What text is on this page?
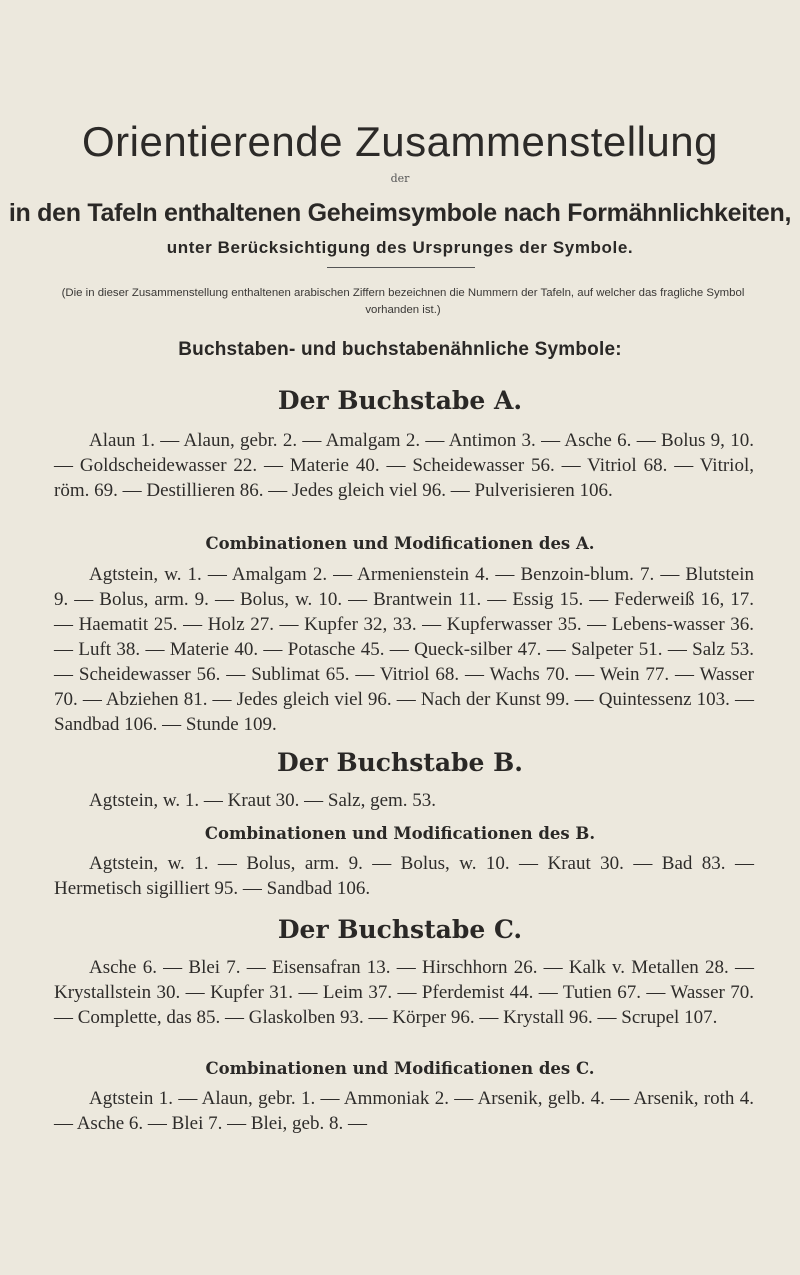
Orientierende Zusammenstellung
der
in den Tafeln enthaltenen Geheimsymbole nach Formähnlichkeiten,
unter Berücksichtigung des Ursprunges der Symbole.
(Die in dieser Zusammenstellung enthaltenen arabischen Ziffern bezeichnen die Nummern der Tafeln, auf welcher das fragliche Symbol vorhanden ist.)
Buchstaben- und buchstabenähnliche Symbole:
Der Buchstabe A.
Alaun 1. — Alaun, gebr. 2. — Amalgam 2. — Antimon 3. — Asche 6. — Bolus 9, 10. — Goldscheidewasser 22. — Materie 40. — Scheidewasser 56. — Vitriol 68. — Vitriol, röm. 69. — Destillieren 86. — Jedes gleich viel 96. — Pulverisieren 106.
Combinationen und Modificationen des A.
Agtstein, w. 1. — Amalgam 2. — Armenienstein 4. — Benzoin-blum. 7. — Blutstein 9. — Bolus, arm. 9. — Bolus, w. 10. — Brantwein 11. — Essig 15. — Federweiß 16, 17. — Haematit 25. — Holz 27. — Kupfer 32, 33. — Kupferwasser 35. — Lebens-wasser 36. — Luft 38. — Materie 40. — Potasche 45. — Queck-silber 47. — Salpeter 51. — Salz 53. — Scheidewasser 56. — Sublimat 65. — Vitriol 68. — Wachs 70. — Wein 77. — Wasser 70. — Abziehen 81. — Jedes gleich viel 96. — Nach der Kunst 99. — Quintessenz 103. — Sandbad 106. — Stunde 109.
Der Buchstabe B.
Agtstein, w. 1. — Kraut 30. — Salz, gem. 53.
Combinationen und Modificationen des B.
Agtstein, w. 1. — Bolus, arm. 9. — Bolus, w. 10. — Kraut 30. — Bad 83. — Hermetisch sigilliert 95. — Sandbad 106.
Der Buchstabe C.
Asche 6. — Blei 7. — Eisensafran 13. — Hirschhorn 26. — Kalk v. Metallen 28. — Krystallstein 30. — Kupfer 31. — Leim 37. — Pferdemist 44. — Tutien 67. — Wasser 70. — Complette, das 85. — Glaskolben 93. — Körper 96. — Krystall 96. — Scrupel 107.
Combinationen und Modificationen des C.
Agtstein 1. — Alaun, gebr. 1. — Ammoniak 2. — Arsenik, gelb. 4. — Arsenik, roth 4. — Asche 6. — Blei 7. — Blei, geb. 8. —
